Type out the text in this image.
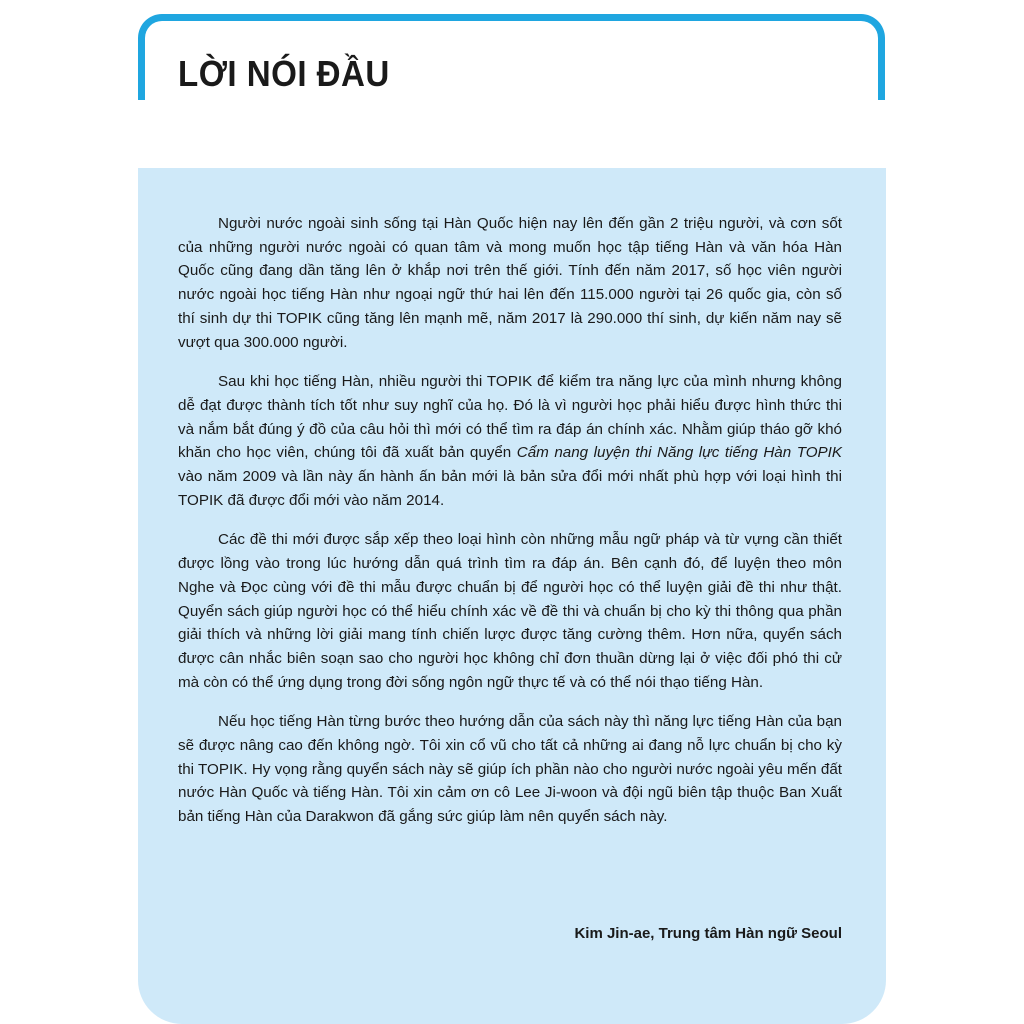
LỜI NÓI ĐẦU

Người nước ngoài sinh sống tại Hàn Quốc hiện nay lên đến gần 2 triệu người, và cơn sốt của những người nước ngoài có quan tâm và mong muốn học tập tiếng Hàn và văn hóa Hàn Quốc cũng đang dần tăng lên ở khắp nơi trên thế giới. Tính đến năm 2017, số học viên người nước ngoài học tiếng Hàn như ngoại ngữ thứ hai lên đến 115.000 người tại 26 quốc gia, còn số thí sinh dự thi TOPIK cũng tăng lên mạnh mẽ, năm 2017 là 290.000 thí sinh, dự kiến năm nay sẽ vượt qua 300.000 người.

Sau khi học tiếng Hàn, nhiều người thi TOPIK để kiểm tra năng lực của mình nhưng không dễ đạt được thành tích tốt như suy nghĩ của họ. Đó là vì người học phải hiểu được hình thức thi và nắm bắt đúng ý đồ của câu hỏi thì mới có thể tìm ra đáp án chính xác. Nhằm giúp tháo gỡ khó khăn cho học viên, chúng tôi đã xuất bản quyển Cẩm nang luyện thi Năng lực tiếng Hàn TOPIK vào năm 2009 và lần này ấn hành ấn bản mới là bản sửa đổi mới nhất phù hợp với loại hình thi TOPIK đã được đổi mới vào năm 2014.

Các đề thi mới được sắp xếp theo loại hình còn những mẫu ngữ pháp và từ vựng cần thiết được lồng vào trong lúc hướng dẫn quá trình tìm ra đáp án. Bên cạnh đó, để luyện theo môn Nghe và Đọc cùng với đề thi mẫu được chuẩn bị để người học có thể luyện giải đề thi như thật. Quyển sách giúp người học có thể hiểu chính xác về đề thi và chuẩn bị cho kỳ thi thông qua phần giải thích và những lời giải mang tính chiến lược được tăng cường thêm. Hơn nữa, quyển sách được cân nhắc biên soạn sao cho người học không chỉ đơn thuần dừng lại ở việc đối phó thi cử mà còn có thể ứng dụng trong đời sống ngôn ngữ thực tế và có thể nói thạo tiếng Hàn.

Nếu học tiếng Hàn từng bước theo hướng dẫn của sách này thì năng lực tiếng Hàn của bạn sẽ được nâng cao đến không ngờ. Tôi xin cổ vũ cho tất cả những ai đang nỗ lực chuẩn bị cho kỳ thi TOPIK. Hy vọng rằng quyển sách này sẽ giúp ích phần nào cho người nước ngoài yêu mến đất nước Hàn Quốc và tiếng Hàn. Tôi xin cảm ơn cô Lee Ji-woon và đội ngũ biên tập thuộc Ban Xuất bản tiếng Hàn của Darakwon đã gắng sức giúp làm nên quyển sách này.

Kim Jin-ae, Trung tâm Hàn ngữ Seoul
